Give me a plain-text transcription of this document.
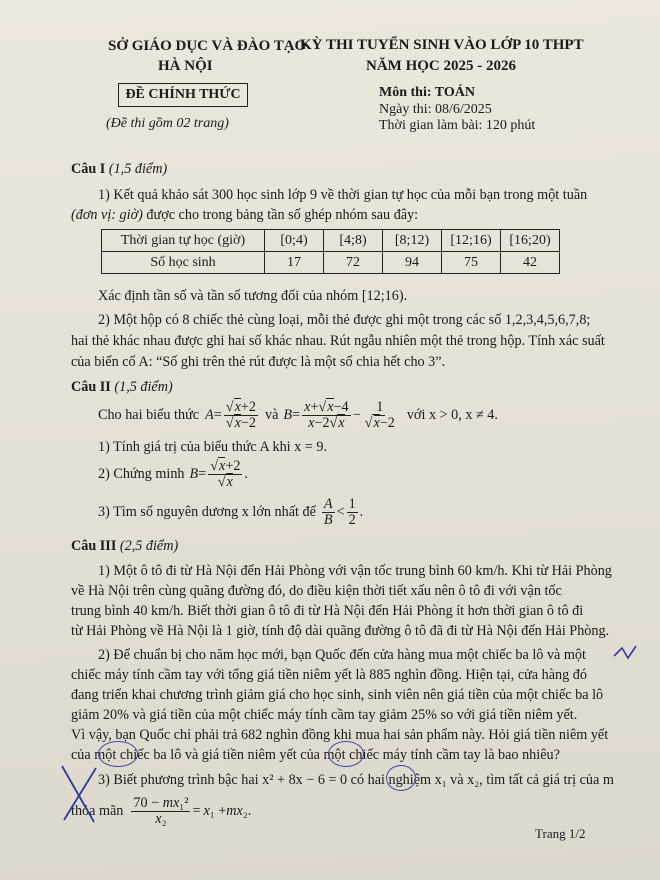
SỞ GIÁO DỤC VÀ ĐÀO TẠO
HÀ NỘI
ĐỀ CHÍNH THỨC
(Đề thi gồm 02 trang)
KỲ THI TUYỂN SINH VÀO LỚP 10 THPT
NĂM HỌC 2025 - 2026
Môn thi: TOÁN
Ngày thi: 08/6/2025
Thời gian làm bài: 120 phút
Câu I (1,5 điểm)
1) Kết quả khảo sát 300 học sinh lớp 9 về thời gian tự học của mỗi bạn trong một tuần
(đơn vị: giờ) được cho trong bảng tần số ghép nhóm sau đây:
Thời gian tự học (giờ)	[0;4)	[4;8)	[8;12)	[12;16)	[16;20)
Số học sinh	17	72	94	75	42
Xác định tần số và tần số tương đối của nhóm [12;16).
2) Một hộp có 8 chiếc thẻ cùng loại, mỗi thẻ được ghi một trong các số 1,2,3,4,5,6,7,8;
hai thẻ khác nhau được ghi hai số khác nhau. Rút ngẫu nhiên một thẻ trong hộp. Tính xác suất
của biến cố A: “Số ghi trên thẻ rút được là một số chia hết cho 3”.
Câu II (1,5 điểm)
Cho hai biểu thức A = √ x+2
√ x−2 và $B = \frac{x+ √ x-4}{x-2 √ x} - 1$
√ x−2 với x > 0, x ≠ 4.
1) Tính giá trị của biểu thức A khi x = 9.
2) Chứng minh B = √ x+2
√ x .
3) Tìm số nguyên dương x lớn nhất để $\frac{A}{B} < \frac{1}{2}$ .
Câu III (2,5 điểm)
1) Một ô tô đi từ Hà Nội đến Hải Phòng với vận tốc trung bình 60 km/h. Khi từ Hải Phòng
về Hà Nội trên cùng quãng đường đó, do điều kiện thời tiết xấu nên ô tô đi với vận tốc
trung bình 40 km/h. Biết thời gian ô tô đi từ Hà Nội đến Hải Phòng ít hơn thời gian ô tô đi
từ Hải Phòng về Hà Nội là 1 giờ, tính độ dài quãng đường ô tô đã đi từ Hà Nội đến Hải Phòng.
2) Để chuẩn bị cho năm học mới, bạn Quốc đến cửa hàng mua một chiếc ba lô và một
chiếc máy tính cầm tay với tổng giá tiền niêm yết là 885 nghìn đồng. Hiện tại, cửa hàng đó
đang triển khai chương trình giảm giá cho học sinh, sinh viên nên giá tiền của một chiếc ba lô
giảm 20% và giá tiền của một chiếc máy tính cầm tay giảm 25% so với giá tiền niêm yết.
Vì vậy, bạn Quốc chỉ phải trả 682 nghìn đồng khi mua hai sản phẩm này. Hỏi giá tiền niêm yết
của một chiếc ba lô và giá tiền niêm yết của một chiếc máy tính cầm tay là bao nhiêu?
3) Biết phương trình bậc hai x² + 8x − 6 = 0 có hai nghiệm x₁ và x₂, tìm tất cả giá trị của m
thỏa mãn $\frac{\text{70 − mx₁²}}{\text{x₂}} = x$ ₁ + m x ₂.
Trang 1/2
